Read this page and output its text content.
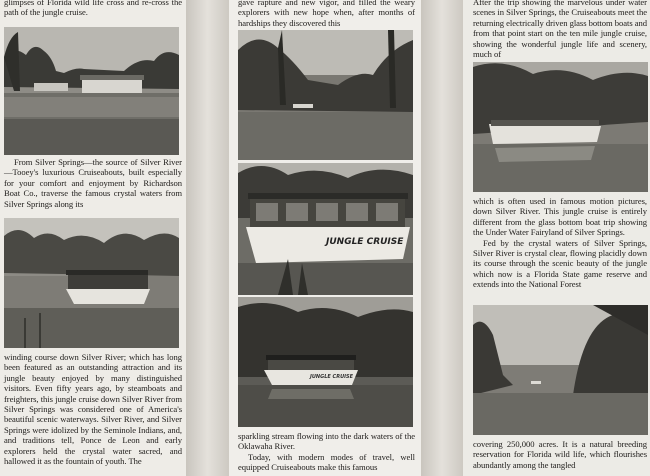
glimpses of Florida wild life cross and re-cross the path of the jungle cruise.

From Silver Springs—the source of Silver River—Tooey's luxurious Cruiseabouts, built especially for your comfort and enjoyment by Richardson Boat Co., traverse the famous crystal waters from Silver Springs along its

winding course down Silver River; which has long been featured as an outstanding attraction and its jungle beauty enjoyed by many distinguished visitors. Even fifty years ago, by steamboats and freighters, this jungle cruise down Silver River from Silver Springs was considered one of America's beautiful scenic waterways. Silver River, and Silver Springs were idolized by the Seminole Indians, and, and traditions tell, Ponce de Leon and early explorers held the crystal water sacred, and hallowed it as the fountain of youth. The

gave rapture and new vigor, and filled the weary explorers with new hope when, after months of hardships they discovered this

JUNGLE CRUISE
JUNGLE CRUISE

sparkling stream flowing into the dark waters of the Oklawaha River.

Today, with modern modes of travel, well equipped Cruiseabouts make this famous

After the trip showing the marvelous under water scenes in Silver Springs, the Cruiseabouts meet the returning electrically driven glass bottom boats and from that point start on the ten mile jungle cruise, showing the wonderful jungle life and scenery, much of

which is often used in famous motion pictures, down Silver River. This jungle cruise is entirely different from the glass bottom boat trip showing the Under Water Fairyland of Silver Springs.

Fed by the crystal waters of Silver Springs, Silver River is crystal clear, flowing placidly down its course through the scenic beauty of the jungle which now is a Florida State game reserve and extends into the National Forest

covering 250,000 acres. It is a natural breeding reservation for Florida wild life, which flourishes abundantly among the tangled
